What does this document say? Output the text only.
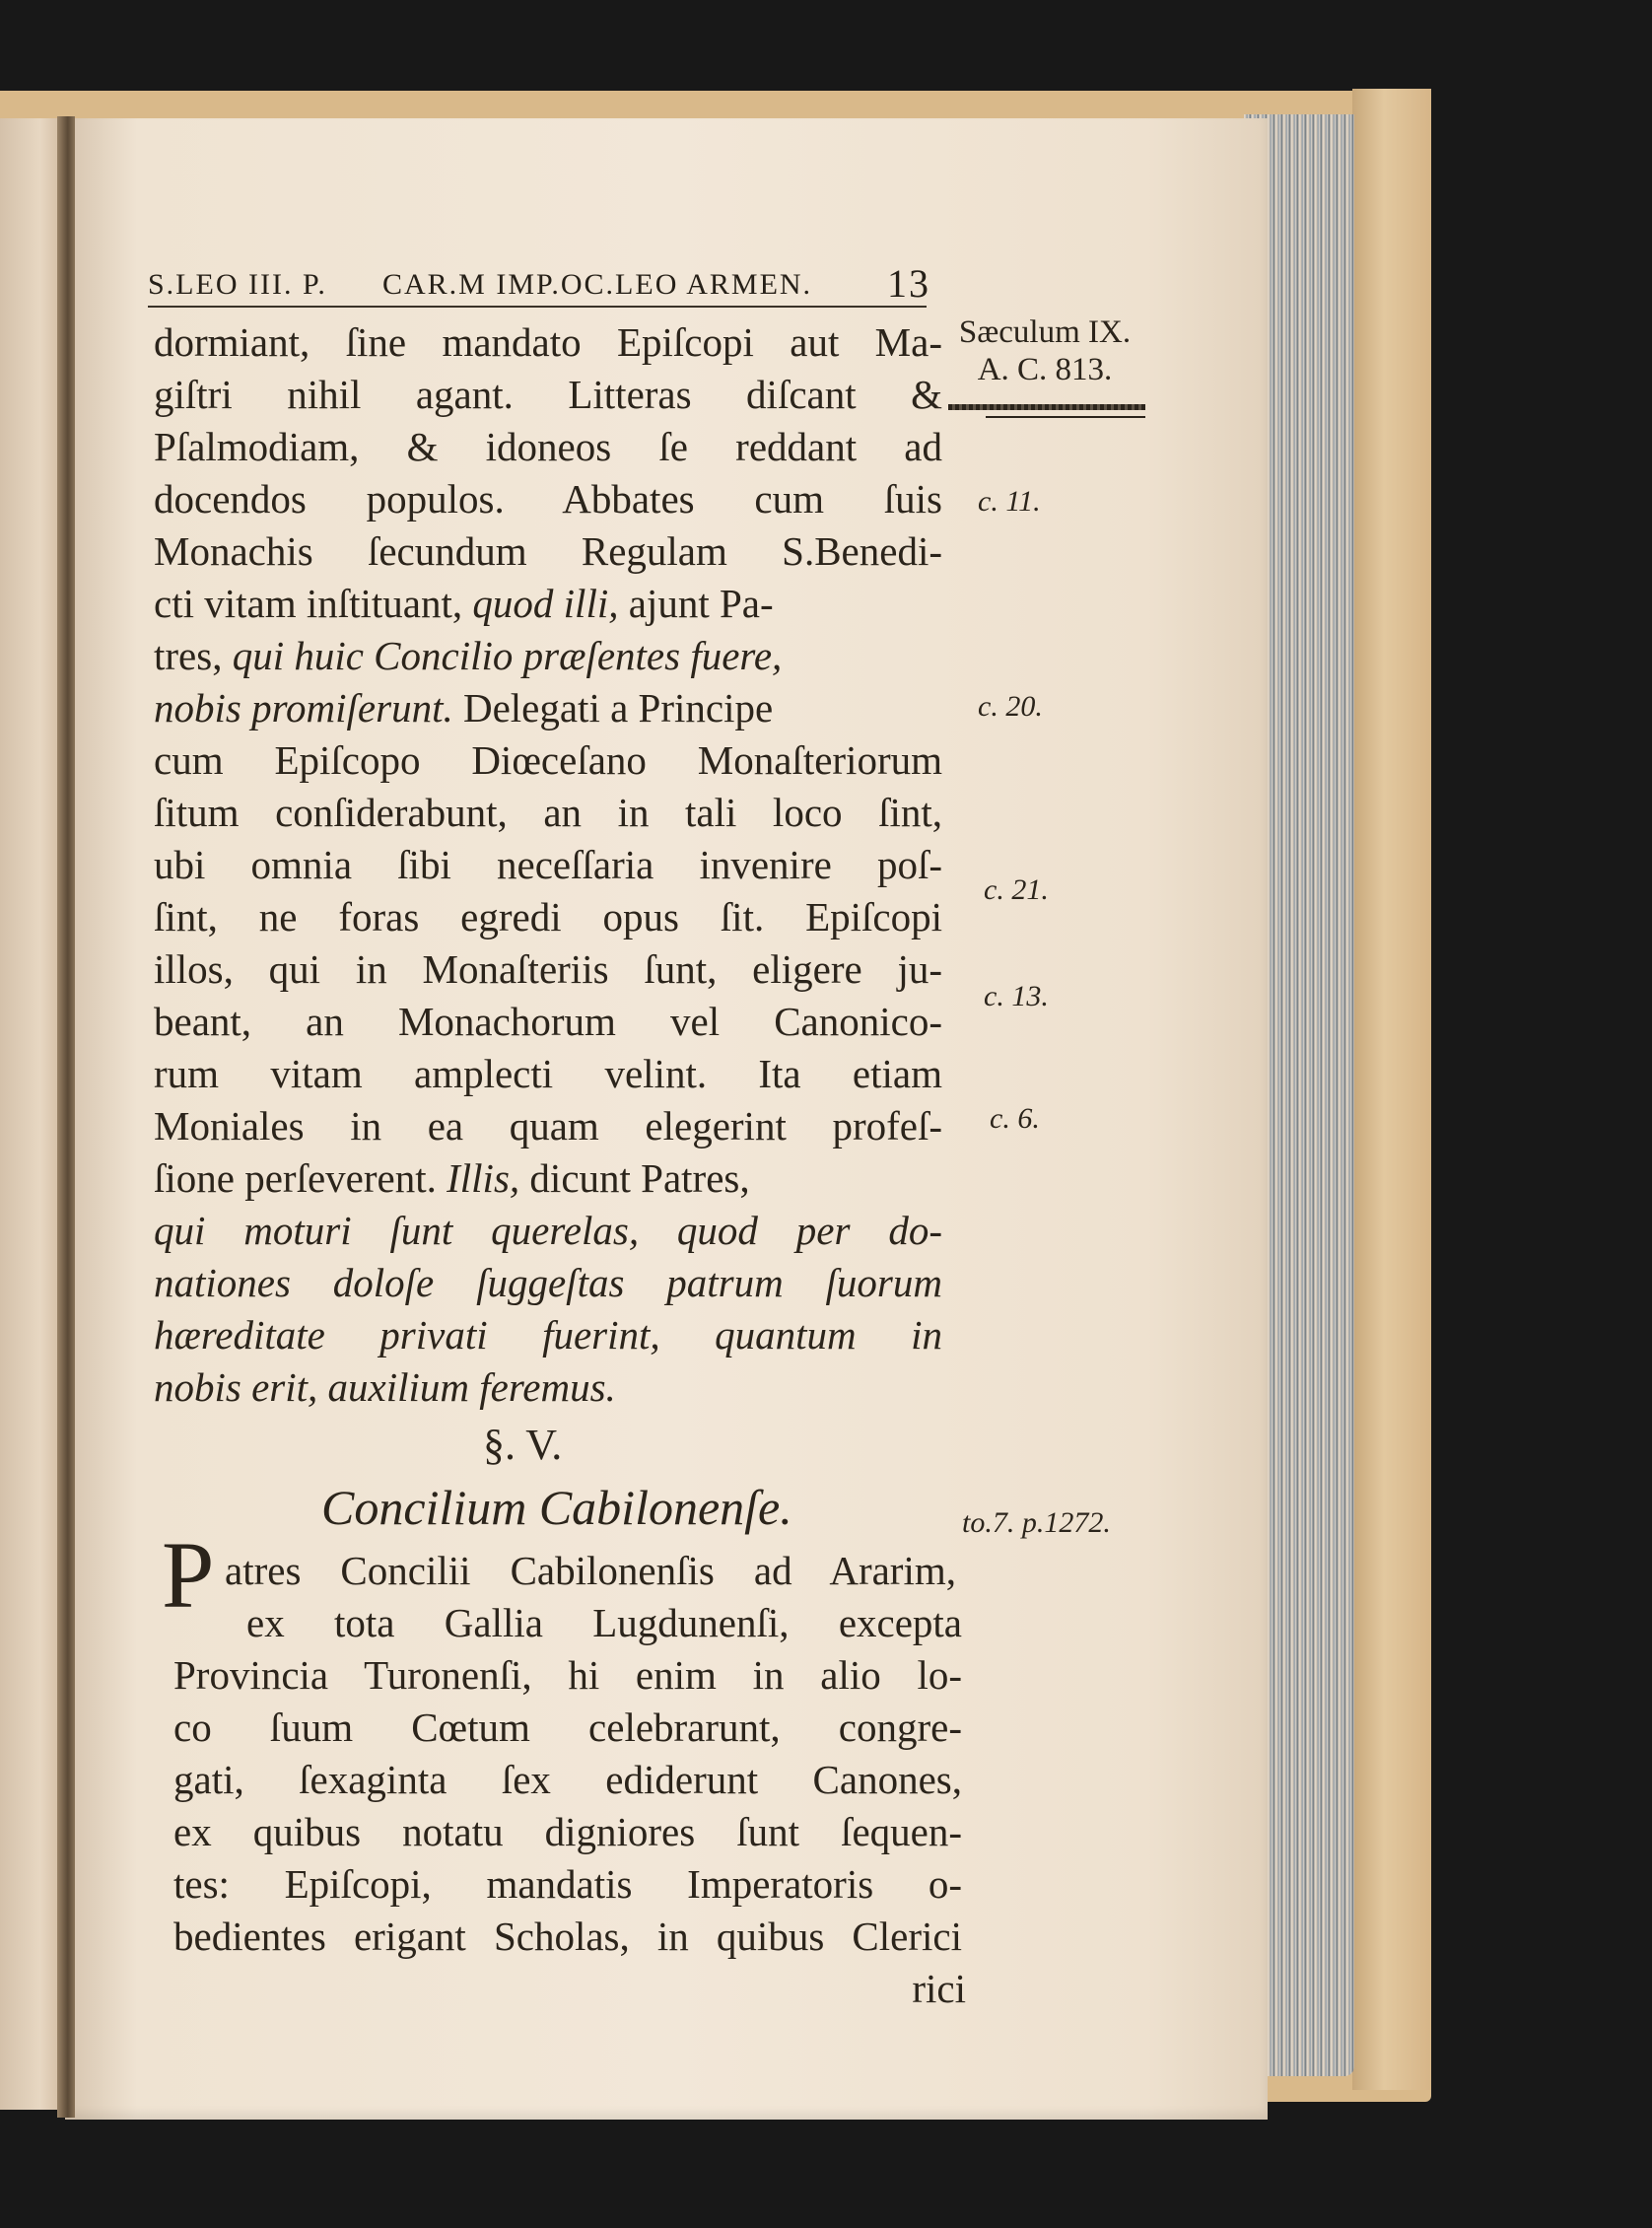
S.LEO III. P. CAR.M IMP.OC.LEO ARMEN. 13
Sæculum IX.
A. C. 813.
dormiant, ſine mandato Epiſcopi aut Ma-
giſtri nihil agant. Litteras diſcant &
Pſalmodiam, & idoneos ſe reddant ad
docendos populos. Abbates cum ſuis
Monachis ſecundum Regulam S.Benedi-
cti vitam inſtituant, quod illi, ajunt Pa-
tres, qui huic Concilio præſentes fuere,
nobis promiſerunt. Delegati a Principe
cum Epiſcopo Diœceſano Monaſteriorum
ſitum conſiderabunt, an in tali loco ſint,
ubi omnia ſibi neceſſaria invenire poſ-
ſint, ne foras egredi opus ſit. Epiſcopi
illos, qui in Monaſteriis ſunt, eligere ju-
beant, an Monachorum vel Canonico-
rum vitam amplecti velint. Ita etiam
Moniales in ea quam elegerint profeſ-
ſione perſeverent. Illis, dicunt Patres,
qui moturi ſunt querelas, quod per do-
nationes doloſe ſuggeſtas patrum ſuorum
hæreditate privati fuerint, quantum in
nobis erit, auxilium feremus.
§. V.
Concilium Cabilonenſe.
P atres Concilii Cabilonenſis ad Ararim,
ex tota Gallia Lugdunenſi, excepta
Provincia Turonenſi, hi enim in alio lo-
co ſuum Cœtum celebrarunt, congre-
gati, ſexaginta ſex ediderunt Canones,
ex quibus notatu digniores ſunt ſequen-
tes: Epiſcopi, mandatis Imperatoris o-
bedientes erigant Scholas, in quibus Clerici
rici
c. 11.
c. 20.
c. 21.
c. 13.
c. 6.
to.7. p.1272.
